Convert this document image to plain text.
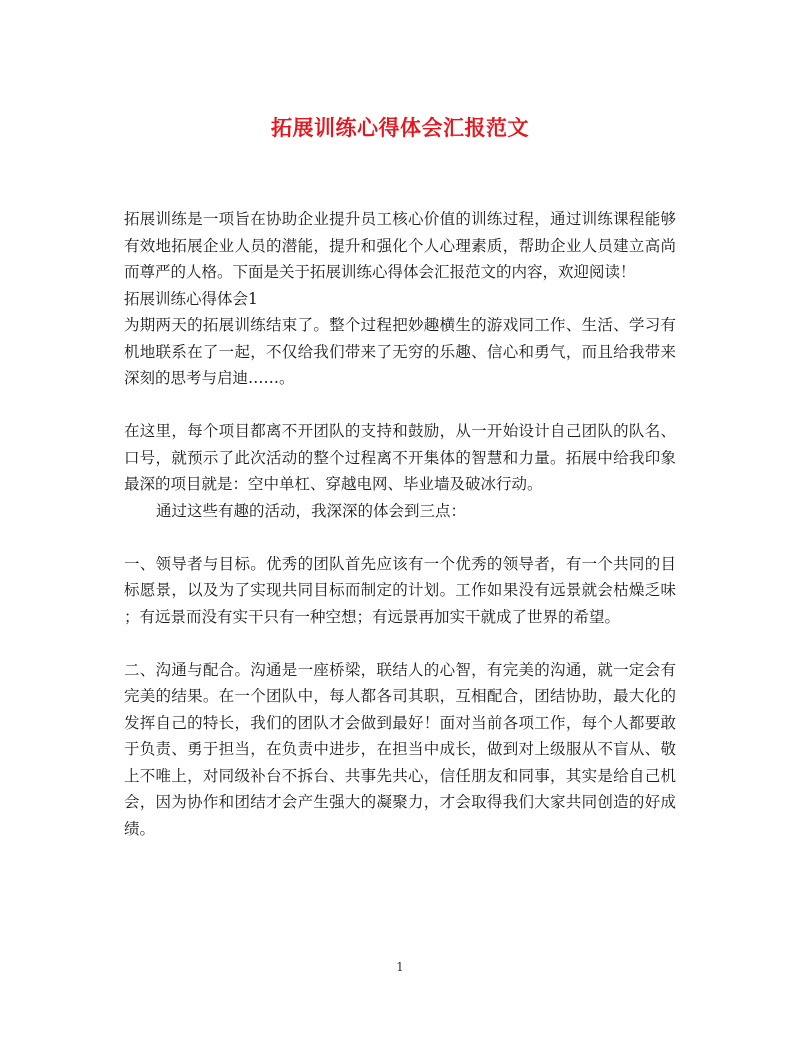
拓展训练心得体会汇报范文
拓展训练是一项旨在协助企业提升员工核心价值的训练过程，通过训练课程能够
有效地拓展企业人员的潜能，提升和强化个人心理素质，帮助企业人员建立高尚
而尊严的人格。下面是关于拓展训练心得体会汇报范文的内容，欢迎阅读！
拓展训练心得体会1
为期两天的拓展训练结束了。整个过程把妙趣横生的游戏同工作、生活、学习有
机地联系在了一起，不仅给我们带来了无穷的乐趣、信心和勇气，而且给我带来
深刻的思考与启迪……。
在这里，每个项目都离不开团队的支持和鼓励，从一开始设计自己团队的队名、
口号，就预示了此次活动的整个过程离不开集体的智慧和力量。拓展中给我印象
最深的项目就是：空中单杠、穿越电网、毕业墙及破冰行动。
通过这些有趣的活动，我深深的体会到三点：
一、领导者与目标。优秀的团队首先应该有一个优秀的领导者，有一个共同的目
标愿景，以及为了实现共同目标而制定的计划。工作如果没有远景就会枯燥乏味
；有远景而没有实干只有一种空想；有远景再加实干就成了世界的希望。
二、沟通与配合。沟通是一座桥梁，联结人的心智，有完美的沟通，就一定会有
完美的结果。在一个团队中，每人都各司其职，互相配合，团结协助，最大化的
发挥自己的特长，我们的团队才会做到最好！面对当前各项工作，每个人都要敢
于负责、勇于担当，在负责中进步，在担当中成长，做到对上级服从不盲从、敬
上不唯上，对同级补台不拆台、共事先共心，信任朋友和同事，其实是给自己机
会，因为协作和团结才会产生强大的凝聚力，才会取得我们大家共同创造的好成
绩。
1
